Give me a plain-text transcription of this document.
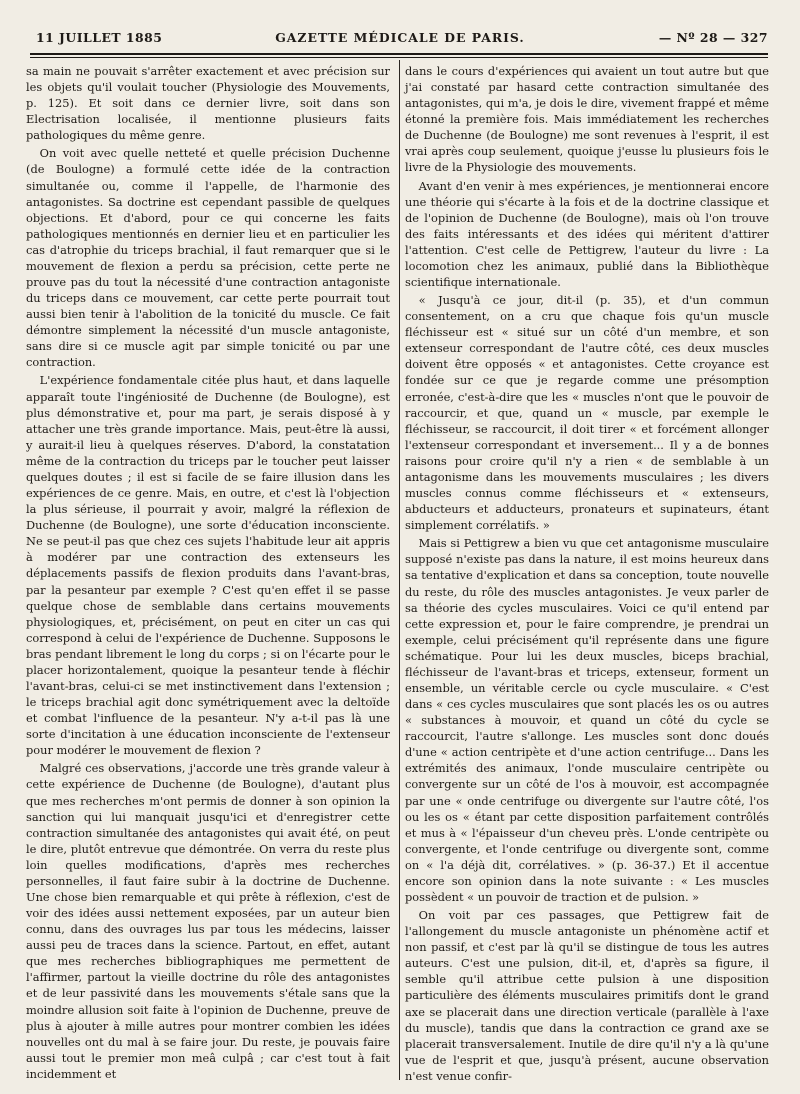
11 JUILLET 1885	GAZETTE MÉDICALE DE PARIS.	— Nº 28 — 327

sa main ne pouvait s'arrêter exactement et avec précision sur les objets qu'il voulait toucher (Physiologie des Mouvements, p. 125). Et soit dans ce dernier livre, soit dans son Electrisation localisée, il mentionne plusieurs faits pathologiques du même genre.

On voit avec quelle netteté et quelle précision Duchenne (de Boulogne) a formulé cette idée de la contraction simultanée ou, comme il l'appelle, de l'harmonie des antagonistes. Sa doctrine est cependant passible de quelques objections. Et d'abord, pour ce qui concerne les faits pathologiques mentionnés en dernier lieu et en particulier les cas d'atrophie du triceps brachial, il faut remarquer que si le mouvement de flexion a perdu sa précision, cette perte ne prouve pas du tout la nécessité d'une contraction antagoniste du triceps dans ce mouvement, car cette perte pourrait tout aussi bien tenir à l'abolition de la tonicité du muscle. Ce fait démontre simplement la nécessité d'un muscle antagoniste, sans dire si ce muscle agit par simple tonicité ou par une contraction.

L'expérience fondamentale citée plus haut, et dans laquelle apparaît toute l'ingéniosité de Duchenne (de Boulogne), est plus démonstrative et, pour ma part, je serais disposé à y attacher une très grande importance. Mais, peut-être là aussi, y aurait-il lieu à quelques réserves. D'abord, la constatation même de la contraction du triceps par le toucher peut laisser quelques doutes ; il est si facile de se faire illusion dans les expériences de ce genre. Mais, en outre, et c'est là l'objection la plus sérieuse, il pourrait y avoir, malgré la réflexion de Duchenne (de Boulogne), une sorte d'éducation inconsciente. Ne se peut-il pas que chez ces sujets l'habitude leur ait appris à modérer par une contraction des extenseurs les déplacements passifs de flexion produits dans l'avant-bras, par la pesanteur par exemple ? C'est qu'en effet il se passe quelque chose de semblable dans certains mouvements physiologiques, et, précisément, on peut en citer un cas qui correspond à celui de l'expérience de Duchenne. Supposons le bras pendant librement le long du corps ; si on l'écarte pour le placer horizontalement, quoique la pesanteur tende à fléchir l'avant-bras, celui-ci se met instinctivement dans l'extension ; le triceps brachial agit donc symétriquement avec la deltoïde et combat l'influence de la pesanteur. N'y a-t-il pas là une sorte d'incitation à une éducation inconsciente de l'extenseur pour modérer le mouvement de flexion ?

Malgré ces observations, j'accorde une très grande valeur à cette expérience de Duchenne (de Boulogne), d'autant plus que mes recherches m'ont permis de donner à son opinion la sanction qui lui manquait jusqu'ici et d'enregistrer cette contraction simultanée des antagonistes qui avait été, on peut le dire, plutôt entrevue que démontrée. On verra du reste plus loin quelles modifications, d'après mes recherches personnelles, il faut faire subir à la doctrine de Duchenne. Une chose bien remarquable et qui prête à réflexion, c'est de voir des idées aussi nettement exposées, par un auteur bien connu, dans des ouvrages lus par tous les médecins, laisser aussi peu de traces dans la science. Partout, en effet, autant que mes recherches bibliographiques me permettent de l'affirmer, partout la vieille doctrine du rôle des antagonistes et de leur passivité dans les mouvements s'étale sans que la moindre allusion soit faite à l'opinion de Duchenne, preuve de plus à ajouter à mille autres pour montrer combien les idées nouvelles ont du mal à se faire jour. Du reste, je pouvais faire aussi tout le premier mon meâ culpâ ; car c'est tout à fait incidemment et

dans le cours d'expériences qui avaient un tout autre but que j'ai constaté par hasard cette contraction simultanée des antagonistes, qui m'a, je dois le dire, vivement frappé et même étonné la première fois. Mais immédiatement les recherches de Duchenne (de Boulogne) me sont revenues à l'esprit, il est vrai après coup seulement, quoique j'eusse lu plusieurs fois le livre de la Physiologie des mouvements.

Avant d'en venir à mes expériences, je mentionnerai encore une théorie qui s'écarte à la fois et de la doctrine classique et de l'opinion de Duchenne (de Boulogne), mais où l'on trouve des faits intéressants et des idées qui méritent d'attirer l'attention. C'est celle de Pettigrew, l'auteur du livre : La locomotion chez les animaux, publié dans la Bibliothèque scientifique internationale.

« Jusqu'à ce jour, dit-il (p. 35), et d'un commun consentement, on a cru que chaque fois qu'un muscle fléchisseur est « situé sur un côté d'un membre, et son extenseur correspondant de l'autre côté, ces deux muscles doivent être opposés « et antagonistes. Cette croyance est fondée sur ce que je regarde comme une présomption erronée, c'est-à-dire que les « muscles n'ont que le pouvoir de raccourcir, et que, quand un « muscle, par exemple le fléchisseur, se raccourcit, il doit tirer « et forcément allonger l'extenseur correspondant et inversement... Il y a de bonnes raisons pour croire qu'il n'y a rien « de semblable à un antagonisme dans les mouvements musculaires ; les divers muscles connus comme fléchisseurs et « extenseurs, abducteurs et adducteurs, pronateurs et supinateurs, étant simplement corrélatifs. »

Mais si Pettigrew a bien vu que cet antagonisme musculaire supposé n'existe pas dans la nature, il est moins heureux dans sa tentative d'explication et dans sa conception, toute nouvelle du reste, du rôle des muscles antagonistes. Je veux parler de sa théorie des cycles musculaires. Voici ce qu'il entend par cette expression et, pour le faire comprendre, je prendrai un exemple, celui précisément qu'il représente dans une figure schématique. Pour lui les deux muscles, biceps brachial, fléchisseur de l'avant-bras et triceps, extenseur, forment un ensemble, un véritable cercle ou cycle musculaire. « C'est dans « ces cycles musculaires que sont placés les os ou autres « substances à mouvoir, et quand un côté du cycle se raccourcit, l'autre s'allonge. Les muscles sont donc doués d'une « action centripète et d'une action centrifuge... Dans les extrémités des animaux, l'onde musculaire centripète ou convergente sur un côté de l'os à mouvoir, est accompagnée par une « onde centrifuge ou divergente sur l'autre côté, l'os ou les os « étant par cette disposition parfaitement contrôlés et mus à « l'épaisseur d'un cheveu près. L'onde centripète ou convergente, et l'onde centrifuge ou divergente sont, comme on « l'a déjà dit, corrélatives. » (p. 36-37.) Et il accentue encore son opinion dans la note suivante : « Les muscles possèdent « un pouvoir de traction et de pulsion. »

On voit par ces passages, que Pettigrew fait de l'allongement du muscle antagoniste un phénomène actif et non passif, et c'est par là qu'il se distingue de tous les autres auteurs. C'est une pulsion, dit-il, et, d'après sa figure, il semble qu'il attribue cette pulsion à une disposition particulière des éléments musculaires primitifs dont le grand axe se placerait dans une direction verticale (parallèle à l'axe du muscle), tandis que dans la contraction ce grand axe se placerait transversalement. Inutile de dire qu'il n'y a là qu'une vue de l'esprit et que, jusqu'à présent, aucune observation n'est venue confir-
